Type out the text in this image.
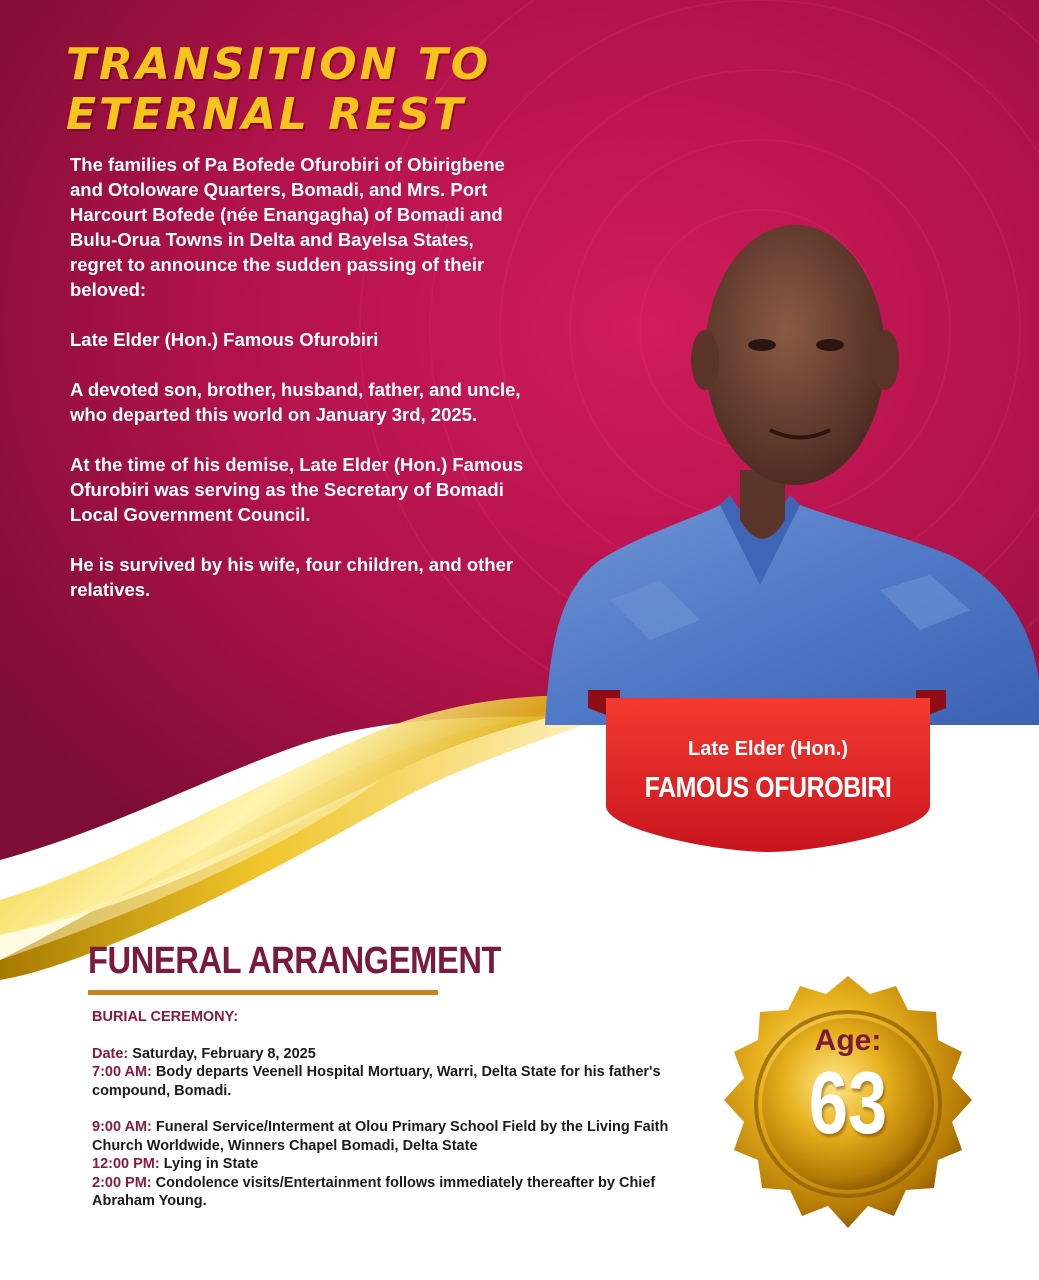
TRANSITION TO
ETERNAL REST

The families of Pa Bofede Ofurobiri of Obirigbene and Otoloware Quarters, Bomadi, and Mrs. Port Harcourt Bofede (née Enangagha) of Bomadi and Bulu-Orua Towns in Delta and Bayelsa States, regret to announce the sudden passing of their beloved:

Late Elder (Hon.) Famous Ofurobiri

A devoted son, brother, husband, father, and uncle, who departed this world on January 3rd, 2025.

At the time of his demise, Late Elder (Hon.) Famous Ofurobiri was serving as the Secretary of Bomadi Local Government Council.

He is survived by his wife, four children, and other relatives.

Late Elder (Hon.)
FAMOUS OFUROBIRI
FUNERAL ARRANGEMENT

BURIAL CEREMONY:

Date: Saturday, February 8, 2025

7:00 AM: Body departs Veenell Hospital Mortuary, Warri, Delta State for his father's compound, Bomadi.

9:00 AM: Funeral Service/Interment at Olou Primary School Field by the Living Faith Church Worldwide, Winners Chapel Bomadi, Delta State

12:00 PM: Lying in State

2:00 PM: Condolence visits/Entertainment follows immediately thereafter by Chief Abraham Young.

Age:
63
